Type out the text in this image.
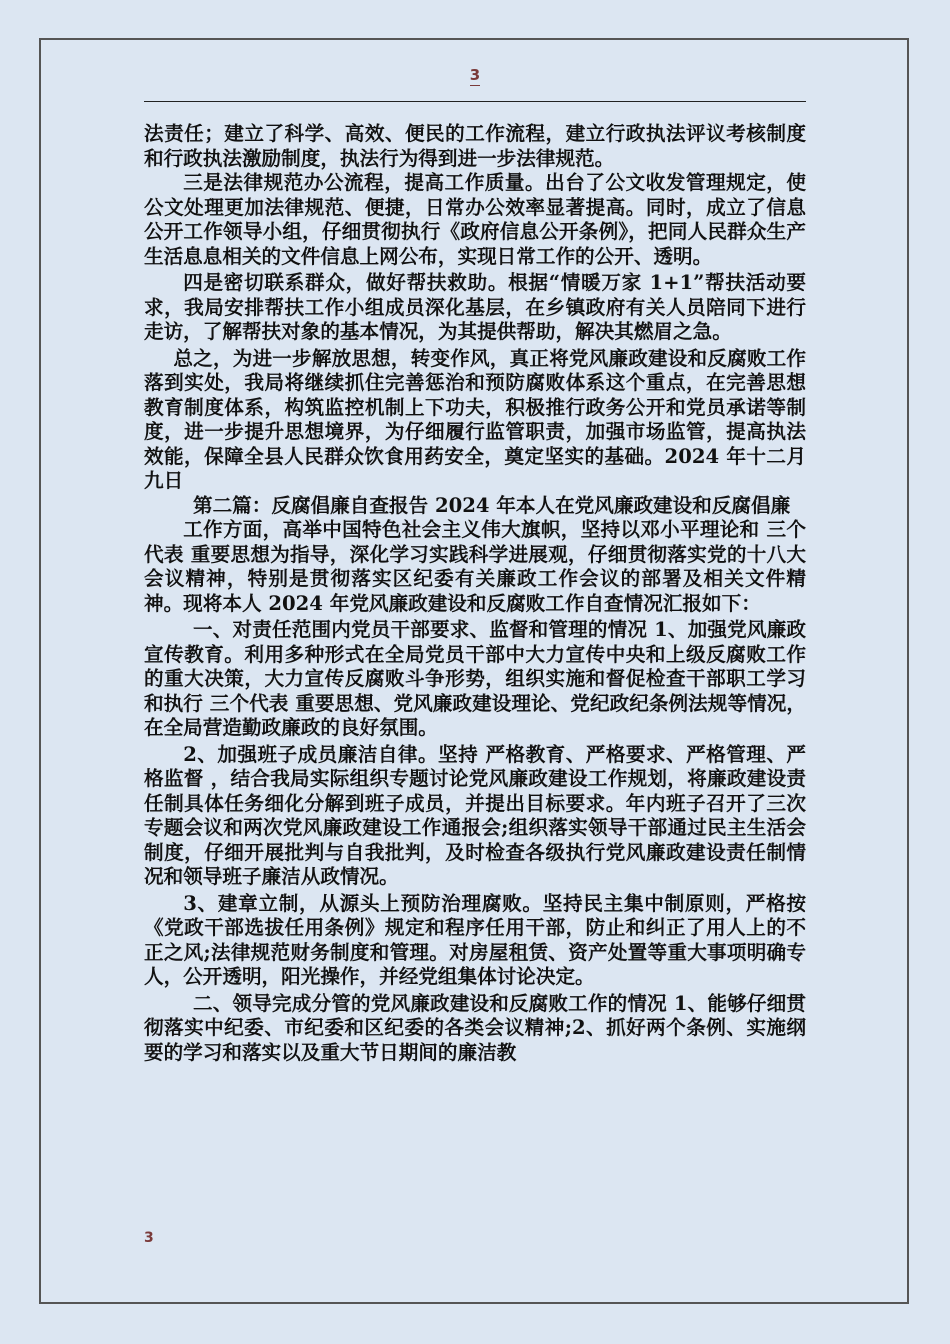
3

法责任；建立了科学、高效、便民的工作流程，建立行政执法评议考核制度和行政执法激励制度，执法行为得到进一步法律规范。

三是法律规范办公流程，提高工作质量。出台了公文收发管理规定，使公文处理更加法律规范、便捷，日常办公效率显著提高。同时，成立了信息公开工作领导小组，仔细贯彻执行《政府信息公开条例》，把同人民群众生产生活息息相关的文件信息上网公布，实现日常工作的公开、透明。

四是密切联系群众，做好帮扶救助。根据“情暖万家 1+1”帮扶活动要求，我局安排帮扶工作小组成员深化基层，在乡镇政府有关人员陪同下进行走访，了解帮扶对象的基本情况，为其提供帮助，解决其燃眉之急。

总之，为进一步解放思想，转变作风，真正将党风廉政建设和反腐败工作落到实处，我局将继续抓住完善惩治和预防腐败体系这个重点，在完善思想教育制度体系，构筑监控机制上下功夫，积极推行政务公开和党员承诺等制度，进一步提升思想境界，为仔细履行监管职责，加强市场监管，提高执法效能，保障全县人民群众饮食用药安全，奠定坚实的基础。2024 年十二月九日

第二篇：反腐倡廉自查报告 2024 年本人在党风廉政建设和反腐倡廉

工作方面，高举中国特色社会主义伟大旗帜，坚持以邓小平理论和 三个代表 重要思想为指导，深化学习实践科学进展观，仔细贯彻落实党的十八大会议精神，特别是贯彻落实区纪委有关廉政工作会议的部署及相关文件精神。现将本人 2024 年党风廉政建设和反腐败工作自查情况汇报如下：

一、对责任范围内党员干部要求、监督和管理的情况 1、加强党风廉政宣传教育。利用多种形式在全局党员干部中大力宣传中央和上级反腐败工作的重大决策，大力宣传反腐败斗争形势，组织实施和督促检查干部职工学习和执行 三个代表 重要思想、党风廉政建设理论、党纪政纪条例法规等情况，在全局营造勤政廉政的良好氛围。

2、加强班子成员廉洁自律。坚持 严格教育、严格要求、严格管理、严格监督 ，结合我局实际组织专题讨论党风廉政建设工作规划，将廉政建设责任制具体任务细化分解到班子成员，并提出目标要求。年内班子召开了三次专题会议和两次党风廉政建设工作通报会;组织落实领导干部通过民主生活会制度，仔细开展批判与自我批判，及时检查各级执行党风廉政建设责任制情况和领导班子廉洁从政情况。

3、建章立制，从源头上预防治理腐败。坚持民主集中制原则，严格按《党政干部选拔任用条例》规定和程序任用干部，防止和纠正了用人上的不正之风;法律规范财务制度和管理。对房屋租赁、资产处置等重大事项明确专人，公开透明，阳光操作，并经党组集体讨论决定。

二、领导完成分管的党风廉政建设和反腐败工作的情况 1、能够仔细贯彻落实中纪委、市纪委和区纪委的各类会议精神;2、抓好两个条例、实施纲要的学习和落实以及重大节日期间的廉洁教

3
